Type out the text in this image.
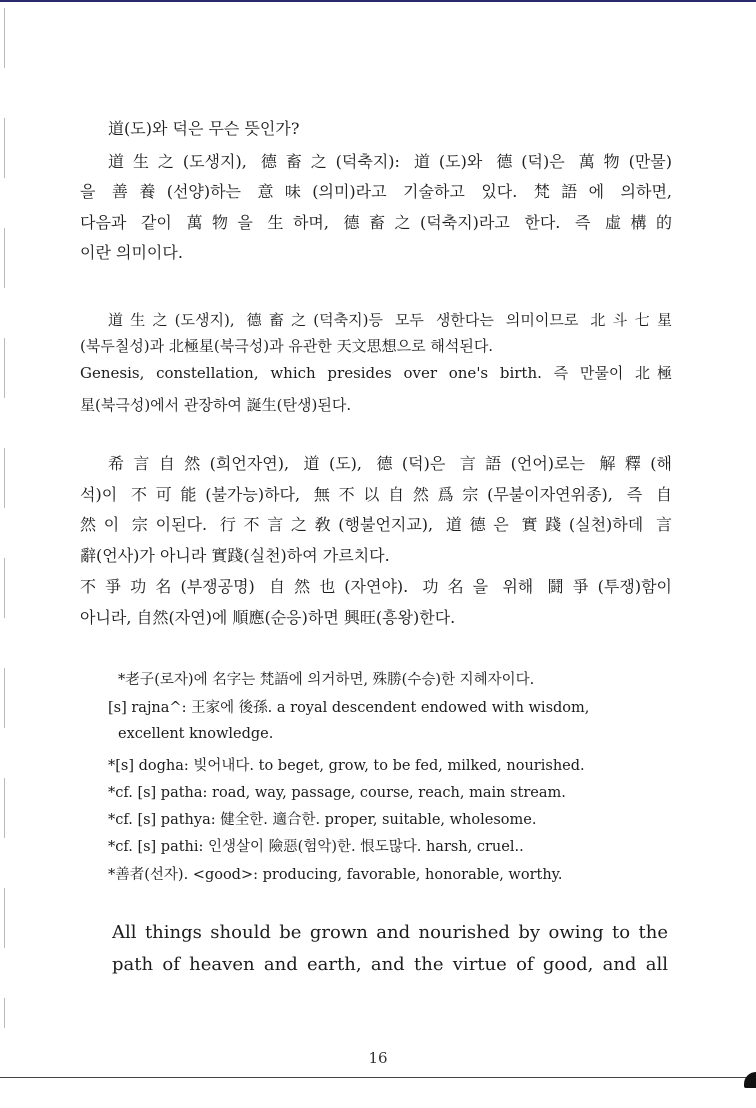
道(도)와 덕은 무슨 뜻인가?
道生之(도생지), 德畜之(덕축지): 道(도)와 德(덕)은 萬物(만물)
을 善養(선양)하는 意味(의미)라고 기술하고 있다. 梵語에 의하면,
다음과 같이 萬物을 生하며, 德畜之(덕축지)라고 한다. 즉 虛構的
이란 의미이다.
道生之(도생지), 德畜之(덕축지)등 모두 생한다는 의미이므로 北斗七星
(북두칠성)과 北極星(북극성)과 유관한 天文思想으로 해석된다.
Genesis, constellation, which presides over one's birth. 즉 만물이 北極
星(북극성)에서 관장하여 誕生(탄생)된다.
希言自然(희언자연), 道(도), 德(덕)은 言語(언어)로는 解釋(해
석)이 不可能(불가능)하다, 無不以自然爲宗(무불이자연위종), 즉 自
然이 宗이된다. 行不言之敎(행불언지교), 道德은 實踐(실천)하데 言
辭(언사)가 아니라 實踐(실천)하여 가르치다.
不爭功名(부쟁공명) 自然也(자연야). 功名을 위해 鬪爭(투쟁)함이
아니라, 自然(자연)에 順應(순응)하면 興旺(흥왕)한다.
*老子(로자)에 名字는 梵語에 의거하면, 殊勝(수승)한 지혜자이다.
[s] rajna^: 王家에 後孫. a royal descendent endowed with wisdom,
excellent knowledge.
*[s] dogha: 빚어내다. to beget, grow, to be fed, milked, nourished.
*cf. [s] patha: road, way, passage, course, reach, main stream.
*cf. [s] pathya: 健全한. 適合한. proper, suitable, wholesome.
*cf. [s] pathi: 인생살이 險惡(험악)한. 恨도많다. harsh, cruel..
*善者(선자). <good>: producing, favorable, honorable, worthy.
All things should be grown and nourished by owing to the
path of heaven and earth, and the virtue of good, and all
16
